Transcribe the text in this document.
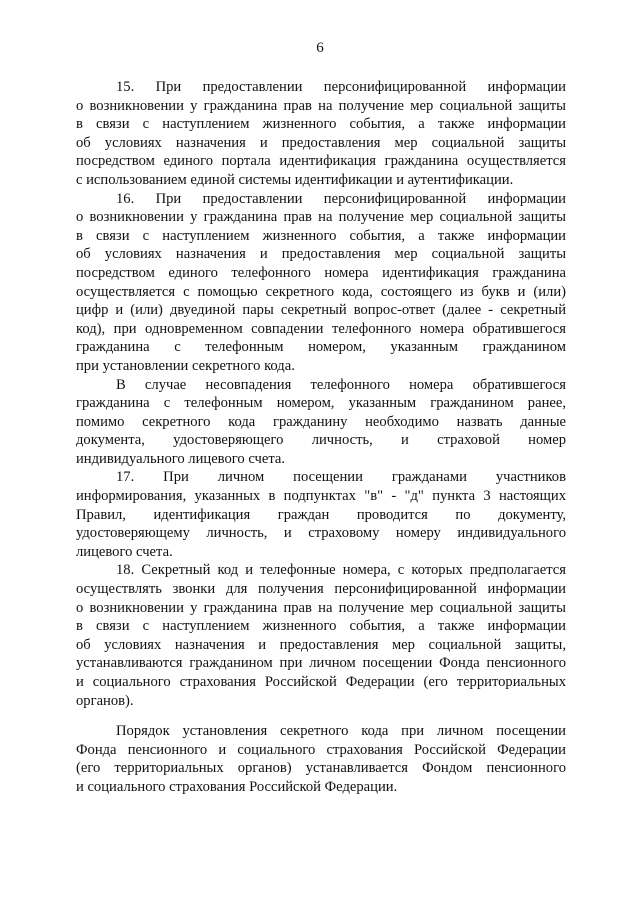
6
15. При предоставлении персонифицированной информации
о возникновении у гражданина прав на получение мер социальной защиты
в связи с наступлением жизненного события, а также информации
об условиях назначения и предоставления мер социальной защиты
посредством единого портала идентификация гражданина осуществляется
с использованием единой системы идентификации и аутентификации.
16. При предоставлении персонифицированной информации
о возникновении у гражданина прав на получение мер социальной защиты
в связи с наступлением жизненного события, а также информации
об условиях назначения и предоставления мер социальной защиты
посредством единого телефонного номера идентификация гражданина
осуществляется с помощью секретного кода, состоящего из букв и (или)
цифр и (или) двуединой пары секретный вопрос-ответ (далее - секретный
код), при одновременном совпадении телефонного номера обратившегося
гражданина с телефонным номером, указанным гражданином
при установлении секретного кода.
В случае несовпадения телефонного номера обратившегося
гражданина с телефонным номером, указанным гражданином ранее,
помимо секретного кода гражданину необходимо назвать данные
документа, удостоверяющего личность, и страховой номер
индивидуального лицевого счета.
17. При личном посещении гражданами участников
информирования, указанных в подпунктах "в" - "д" пункта 3 настоящих
Правил, идентификация граждан проводится по документу,
удостоверяющему личность, и страховому номеру индивидуального
лицевого счета.
18. Секретный код и телефонные номера, с которых предполагается
осуществлять звонки для получения персонифицированной информации
о возникновении у гражданина прав на получение мер социальной защиты
в связи с наступлением жизненного события, а также информации
об условиях назначения и предоставления мер социальной защиты,
устанавливаются гражданином при личном посещении Фонда пенсионного
и социального страхования Российской Федерации (его территориальных
органов).
Порядок установления секретного кода при личном посещении
Фонда пенсионного и социального страхования Российской Федерации
(его территориальных органов) устанавливается Фондом пенсионного
и социального страхования Российской Федерации.
